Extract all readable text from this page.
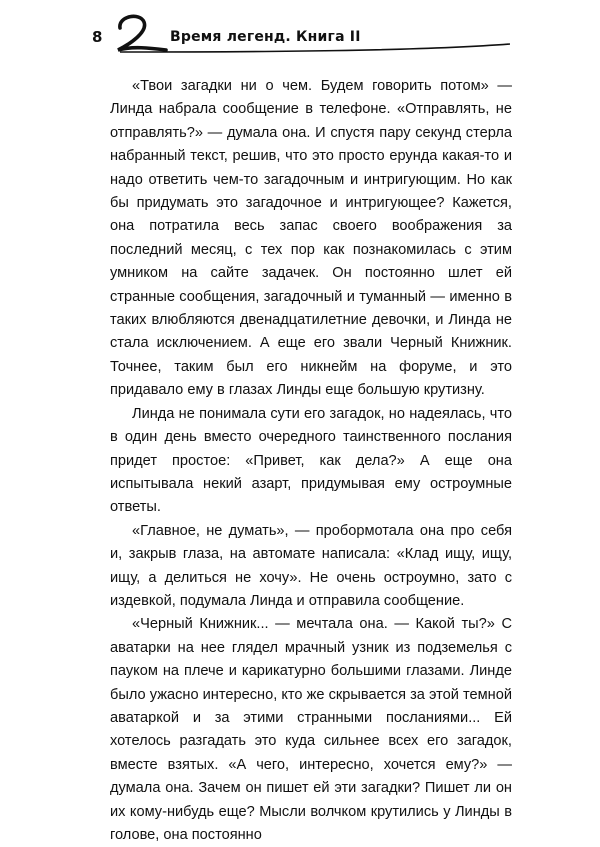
8	Время легенд. Книга II

«Твои загадки ни о чем. Будем говорить потом» — Линда набрала сообщение в телефоне. «Отправлять, не отправлять?» — думала она. И спустя пару секунд стерла набранный текст, решив, что это просто ерунда какая-то и надо ответить чем-то загадочным и интригующим. Но как бы придумать это загадочное и интригующее? Кажется, она потратила весь запас своего воображения за последний месяц, с тех пор как познакомилась с этим умником на сайте задачек. Он постоянно шлет ей странные сообщения, загадочный и туманный — именно в таких влюбляются двенадцатилетние девочки, и Линда не стала исключением. А еще его звали Черный Книжник. Точнее, таким был его никнейм на форуме, и это придавало ему в глазах Линды еще большую крутизну.

Линда не понимала сути его загадок, но надеялась, что в один день вместо очередного таинственного послания придет простое: «Привет, как дела?» А еще она испытывала некий азарт, придумывая ему остроумные ответы.

«Главное, не думать», — пробормотала она про себя и, закрыв глаза, на автомате написала: «Клад ищу, ищу, ищу, а делиться не хочу». Не очень остроумно, зато с издевкой, подумала Линда и отправила сообщение.

«Черный Книжник... — мечтала она. — Какой ты?» С аватарки на нее глядел мрачный узник из подземелья с пауком на плече и карикатурно большими глазами. Линде было ужасно интересно, кто же скрывается за этой темной аватаркой и за этими странными посланиями... Ей хотелось разгадать это куда сильнее всех его загадок, вместе взятых. «А чего, интересно, хочется ему?» — думала она. Зачем он пишет ей эти загадки? Пишет ли он их кому-нибудь еще? Мысли волчком крутились у Линды в голове, она постоянно
